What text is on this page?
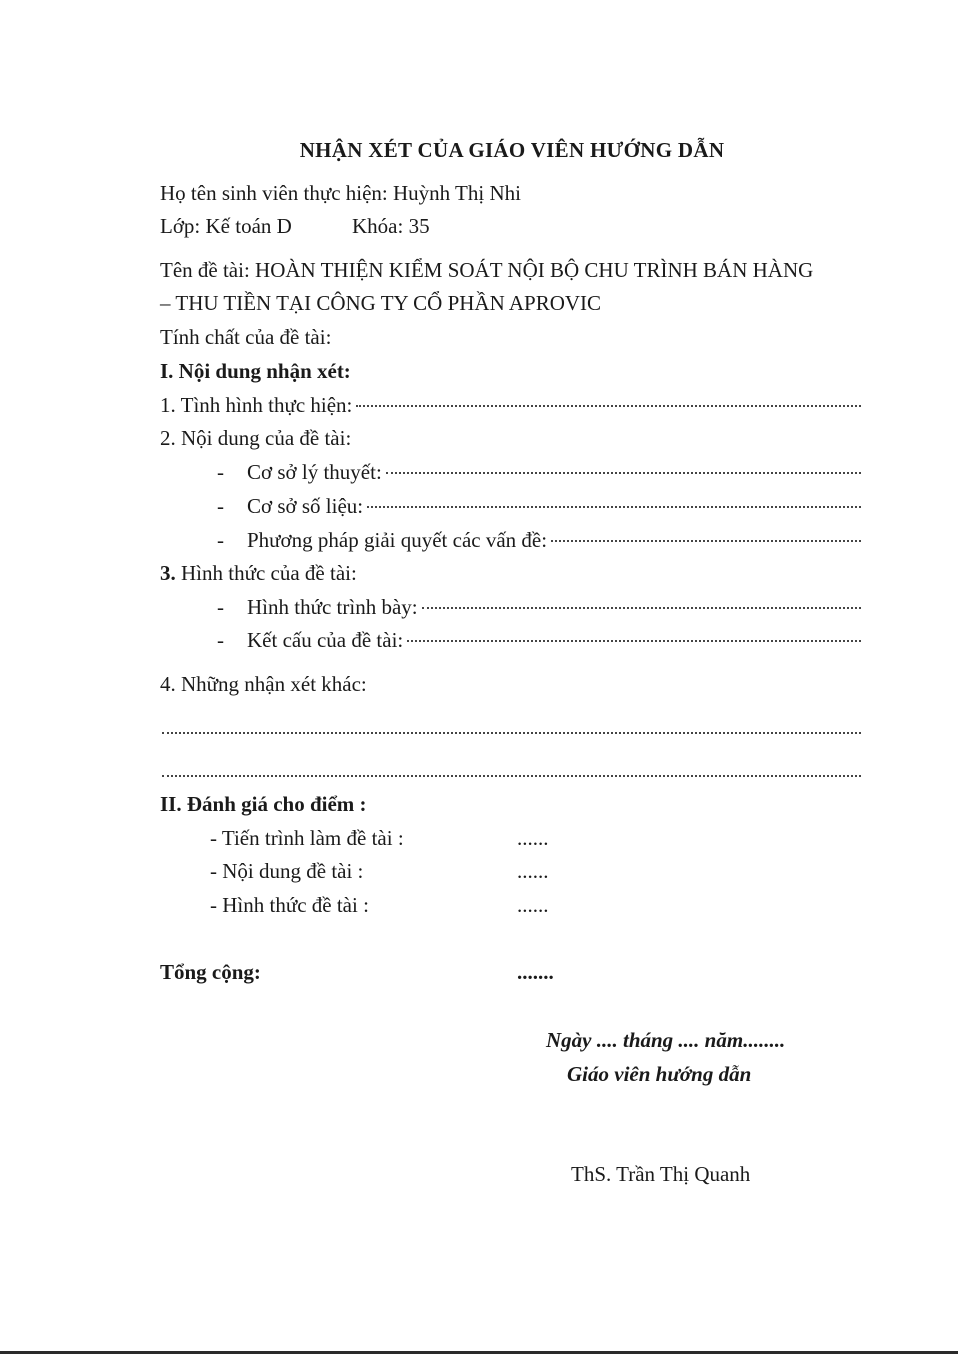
NHẬN XÉT CỦA GIÁO VIÊN HƯỚNG DẪN
Họ tên sinh viên thực hiện: Huỳnh Thị Nhi
Lớp: Kế toán D	Khóa: 35
Tên đề tài: HOÀN THIỆN KIỂM SOÁT NỘI BỘ CHU TRÌNH BÁN HÀNG
– THU TIỀN TẠI CÔNG TY CỔ PHẦN APROVIC
Tính chất của đề tài:
I. Nội dung nhận xét:
1. Tình hình thực hiện:
2. Nội dung của đề tài:
-	Cơ sở lý thuyết:
-	Cơ sở số liệu:
-	Phương pháp giải quyết các vấn đề:
3. Hình thức của đề tài:
-	Hình thức trình bày:
-	Kết cấu của đề tài:
4. Những nhận xét khác:
II. Đánh giá cho điểm :
- Tiến trình làm đề tài :	......
- Nội dung đề tài :	......
- Hình thức đề tài :	......
Tổng cộng:	.......
Ngày .... tháng .... năm........
Giáo viên hướng dẫn
ThS. Trần Thị Quanh
